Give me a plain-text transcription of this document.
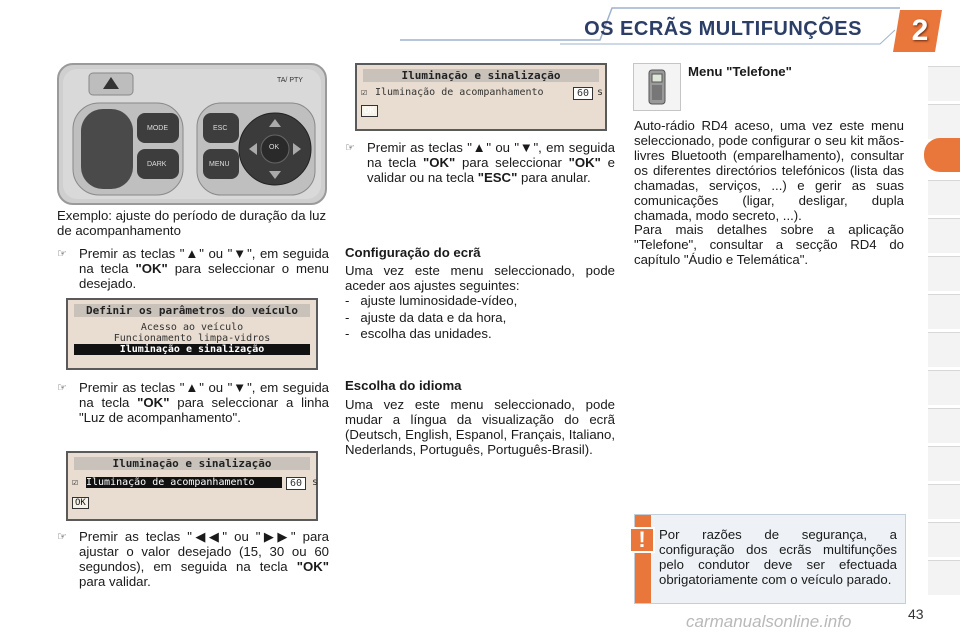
OS ECRÃS MULTIFUNÇÕES	2
TA/ PTY
MODE
DARK
ESC
MENU
OK
Exemplo: ajuste do período de duração da luz de acompanhamento
☞ Premir as teclas "▲" ou "▼", em seguida na tecla "OK" para seleccionar o menu desejado.
Definir os parâmetros do veículo
Acesso ao veículo
Funcionamento limpa-vidros
Iluminação e sinalização
☞ Premir as teclas "▲" ou "▼", em seguida na tecla "OK" para seleccionar a linha "Luz de acompanhamento".
Iluminação e sinalização
☑ Iluminação de acompanhamento	60 s
OK
☞ Premir as teclas "◀◀" ou "▶▶" para ajustar o valor desejado (15, 30 ou 60 segundos), em seguida na tecla "OK" para validar.
Iluminação e sinalização
☑ Iluminação de acompanhamento	60 s
OK
☞ Premir as teclas "▲" ou "▼", em seguida na tecla "OK" para seleccionar "OK" e validar ou na tecla "ESC" para anular.
Configuração do ecrã
Uma vez este menu seleccionado, pode aceder aos ajustes seguintes:
-   ajuste luminosidade-vídeo,
-   ajuste da data e da hora,
-   escolha das unidades.
Escolha do idioma
Uma vez este menu seleccionado, pode mudar a língua da visualização do ecrã (Deutsch, English, Espanol, Français, Italiano, Nederlands, Português, Português-Brasil).
Menu "Telefone"
Auto-rádio RD4 aceso, uma vez este menu seleccionado, pode configurar o seu kit mãos-livres Bluetooth (emparelhamento), consultar os diferentes directórios telefónicos (lista das chamadas, serviços, ...) e gerir as suas comunicações (ligar, desligar, dupla chamada, modo secreto, ...).
Para mais detalhes sobre a aplicação "Telefone", consultar a secção RD4 do capítulo "Áudio e Telemática".
!	Por razões de segurança, a configuração dos ecrãs multifunções pelo condutor deve ser efectuada obrigatoriamente com o veículo parado.
43
carmanualsonline.info
